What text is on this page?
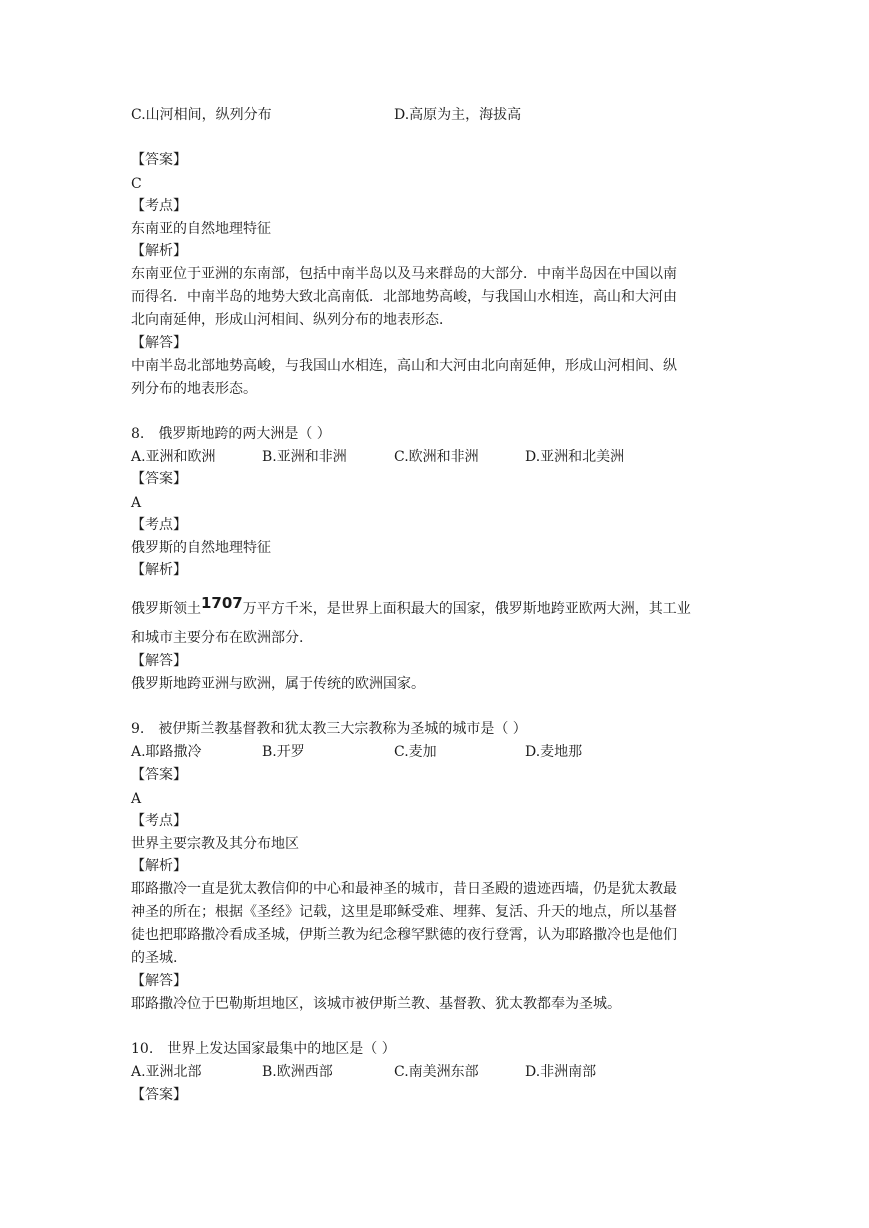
C.山河相间，纵列分布	D.高原为主，海拔高
【答案】
C
【考点】
东南亚的自然地理特征
【解析】
东南亚位于亚洲的东南部，包括中南半岛以及马来群岛的大部分．中南半岛因在中国以南
而得名．中南半岛的地势大致北高南低．北部地势高峻，与我国山水相连，高山和大河由
北向南延伸，形成山河相间、纵列分布的地表形态．
【解答】
中南半岛北部地势高峻，与我国山水相连，高山和大河由北向南延伸，形成山河相间、纵
列分布的地表形态。
8.　俄罗斯地跨的两大洲是（ ）
A.亚洲和欧洲	B.亚洲和非洲	C.欧洲和非洲	D.亚洲和北美洲
【答案】
A
【考点】
俄罗斯的自然地理特征
【解析】
俄罗斯领土1707万平方千米，是世界上面积最大的国家，俄罗斯地跨亚欧两大洲，其工业
和城市主要分布在欧洲部分.
【解答】
俄罗斯地跨亚洲与欧洲，属于传统的欧洲国家。
9.　被伊斯兰教基督教和犹太教三大宗教称为圣城的城市是（ ）
A.耶路撒冷	B.开罗	C.麦加	D.麦地那
【答案】
A
【考点】
世界主要宗教及其分布地区
【解析】
耶路撒冷一直是犹太教信仰的中心和最神圣的城市，昔日圣殿的遗迹西墙，仍是犹太教最
神圣的所在；根据《圣经》记载，这里是耶稣受难、埋葬、复活、升天的地点，所以基督
徒也把耶路撒冷看成圣城，伊斯兰教为纪念穆罕默德的夜行登霄，认为耶路撒冷也是他们
的圣城.
【解答】
耶路撒冷位于巴勒斯坦地区，该城市被伊斯兰教、基督教、犹太教都奉为圣城。
10.　世界上发达国家最集中的地区是（ ）
A.亚洲北部	B.欧洲西部	C.南美洲东部	D.非洲南部
【答案】
